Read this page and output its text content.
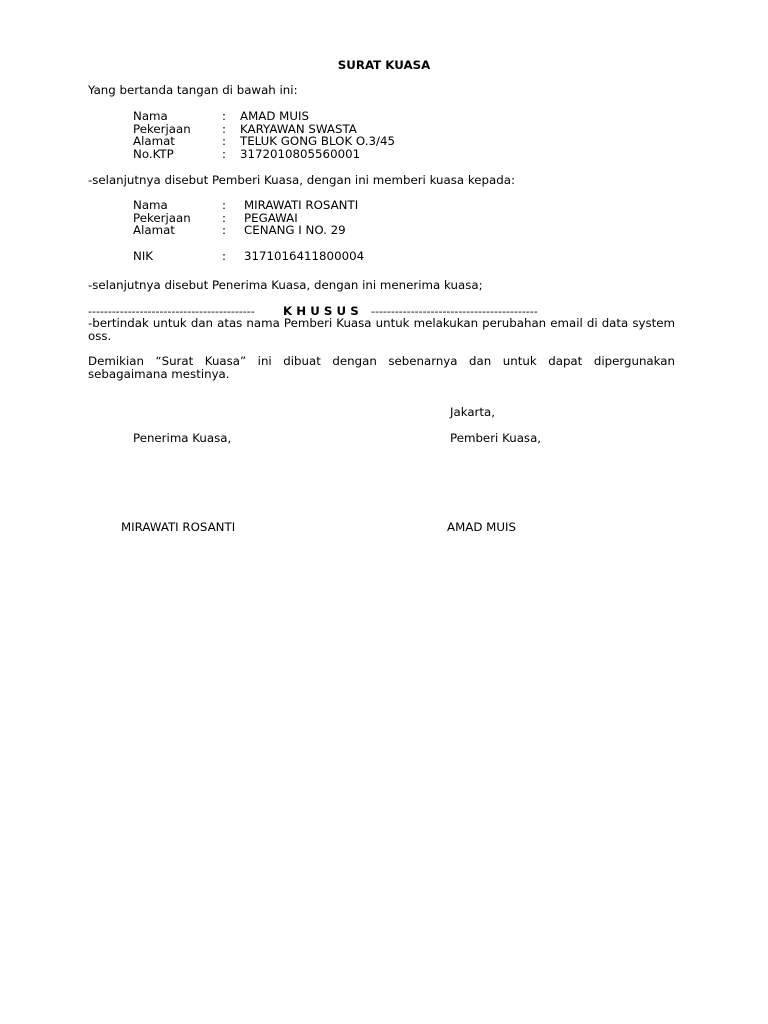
SURAT KUASA
Yang bertanda tangan di bawah ini:
Nama	: AMAD MUIS
Pekerjaan	: KARYAWAN SWASTA
Alamat	: TELUK GONG BLOK O.3/45
No.KTP	: 3172010805560001
-selanjutnya disebut Pemberi Kuasa, dengan ini memberi kuasa kepada:
Nama	: MIRAWATI ROSANTI
Pekerjaan	: PEGAWAI
Alamat	: CENANG I NO. 29
NIK	: 3171016411800004
-selanjutnya disebut Penerima Kuasa, dengan ini menerima kuasa;
------------------------------------------ K H U S U S ------------------------------------------
-bertindak untuk dan atas nama Pemberi Kuasa untuk melakukan perubahan email di data system oss.
Demikian “Surat Kuasa” ini dibuat dengan sebenarnya dan untuk dapat dipergunakan sebagaimana mestinya.
Jakarta,
Penerima Kuasa,	Pemberi Kuasa,
MIRAWATI ROSANTI	AMAD MUIS
